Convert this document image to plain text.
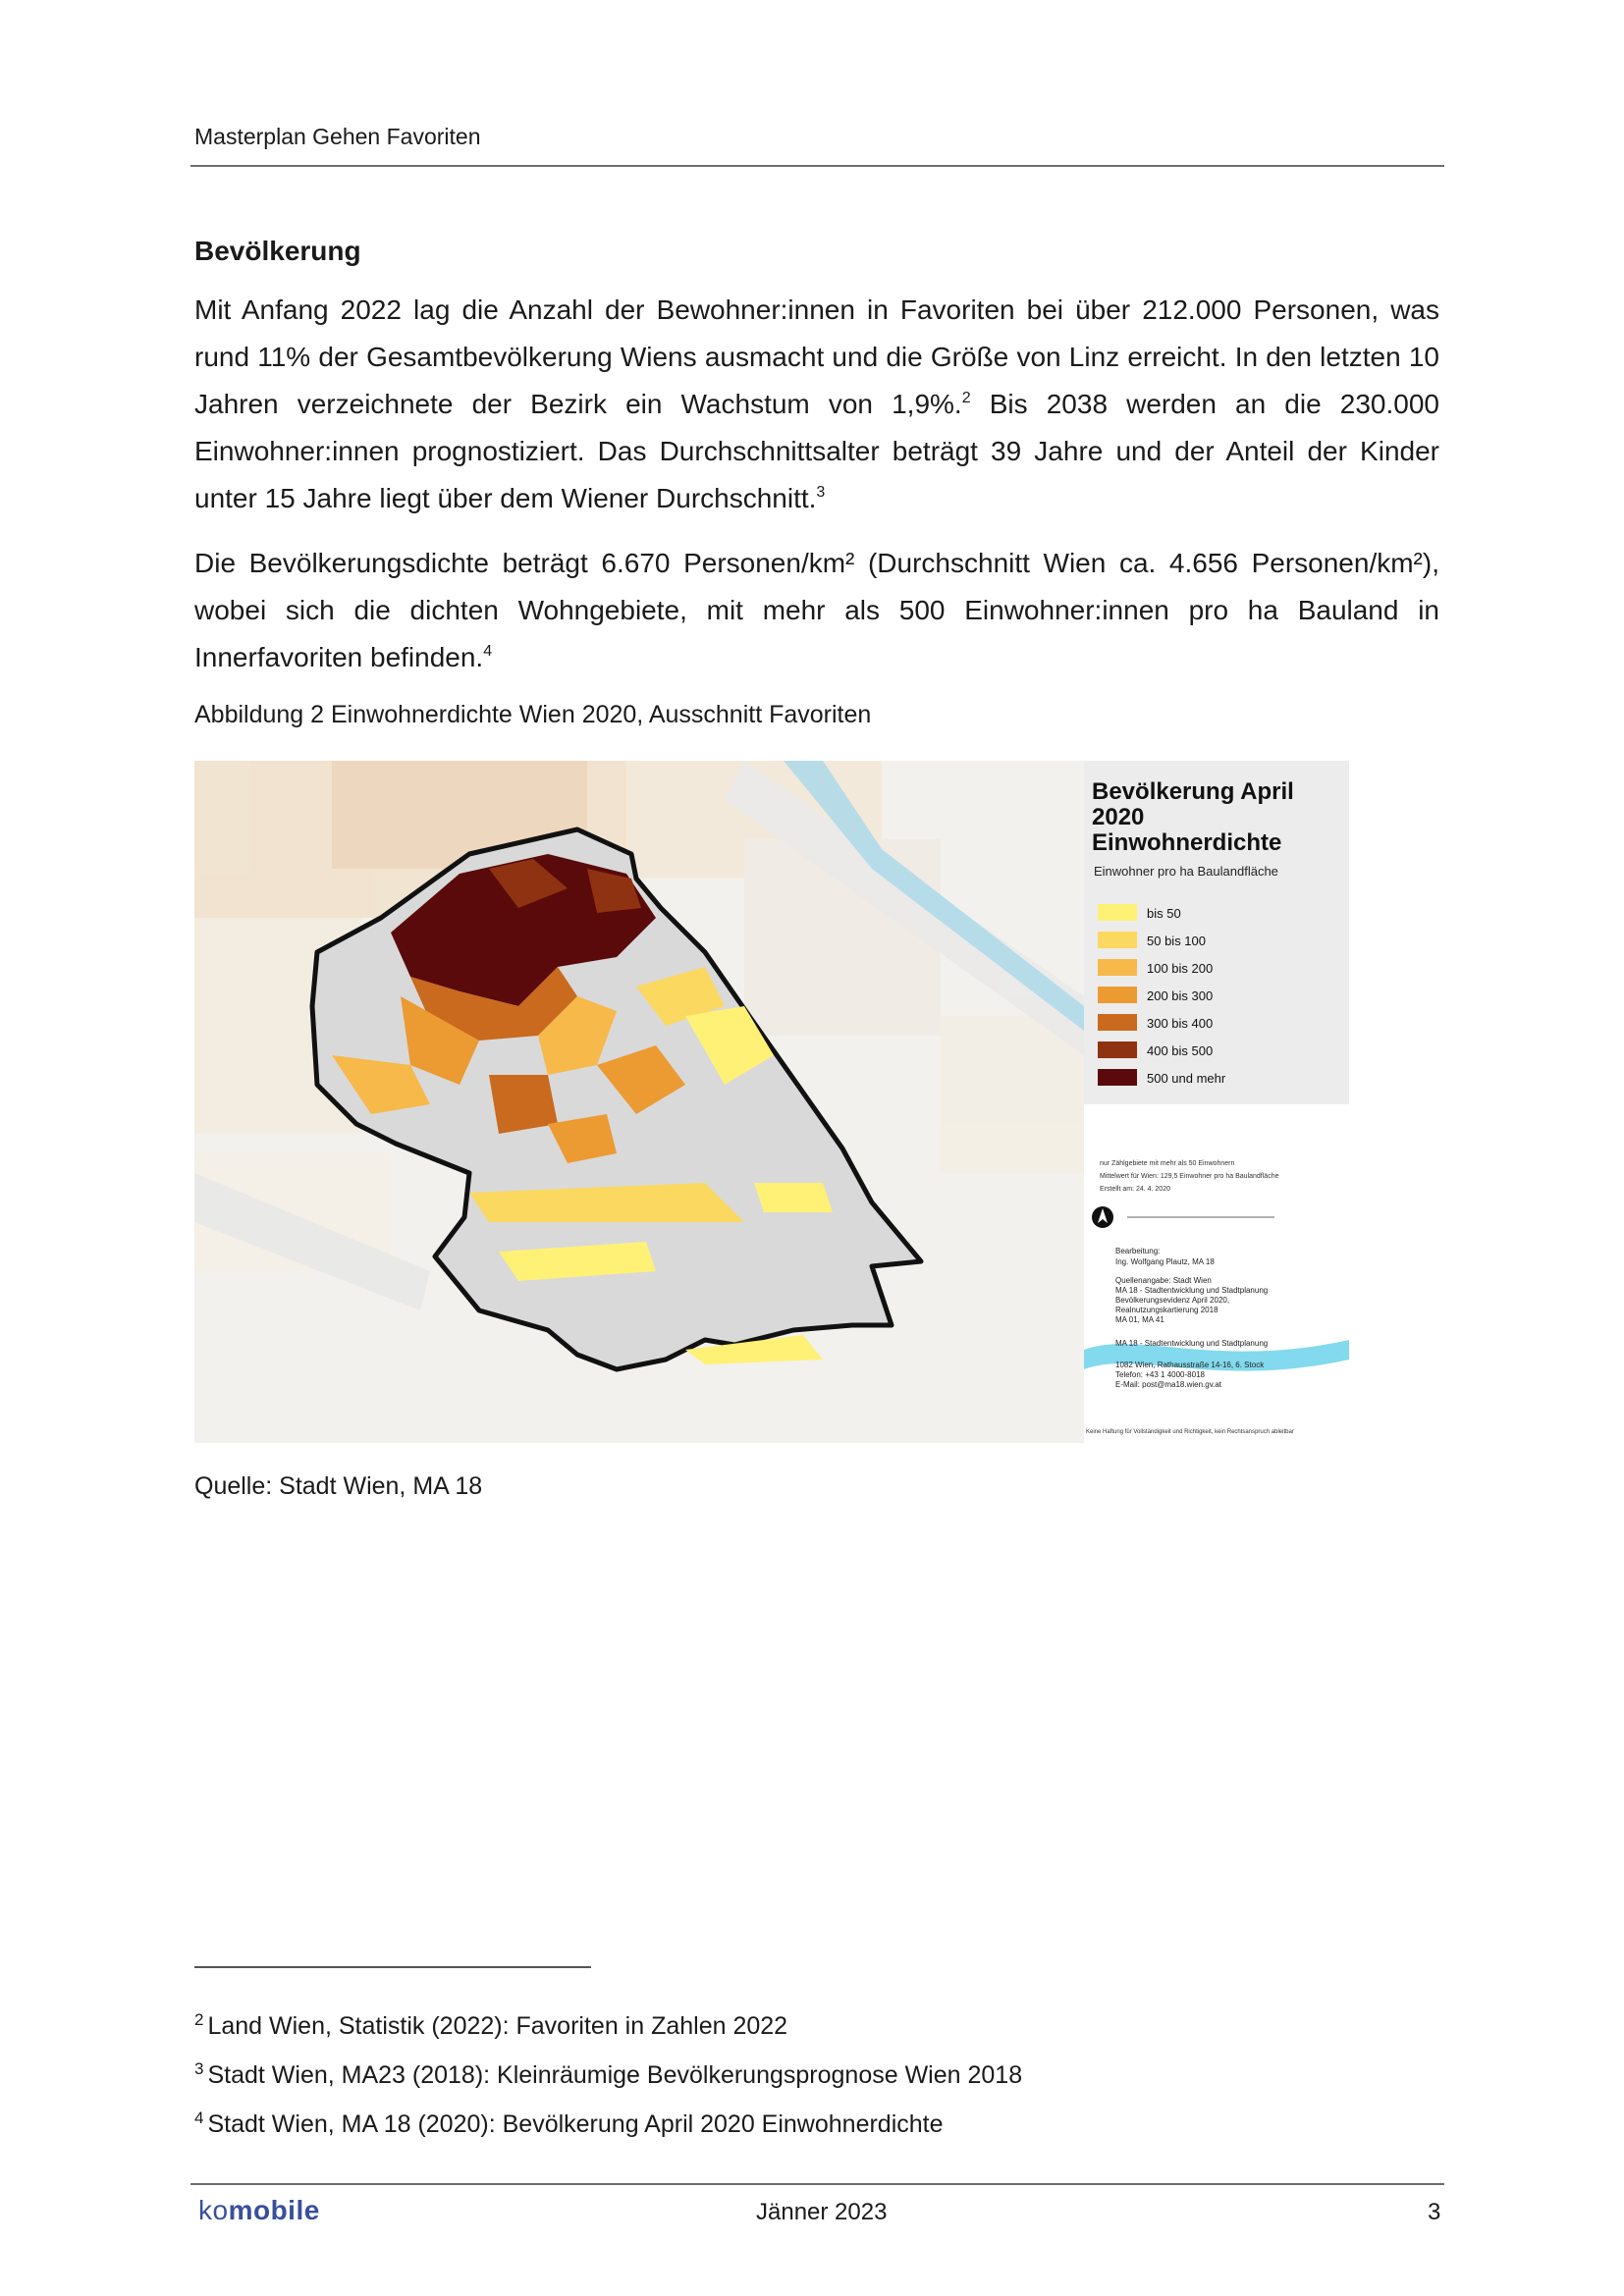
Masterplan Gehen Favoriten
Bevölkerung
Mit Anfang 2022 lag die Anzahl der Bewohner:innen in Favoriten bei über 212.000 Personen, was rund 11% der Gesamtbevölkerung Wiens ausmacht und die Größe von Linz erreicht. In den letzten 10 Jahren verzeichnete der Bezirk ein Wachstum von 1,9%.$^2$ Bis 2038 werden an die 230.000 Einwohner:innen prognostiziert. Das Durchschnittsalter beträgt 39 Jahre und der Anteil der Kinder unter 15 Jahre liegt über dem Wiener Durchschnitt.$^3$
Die Bevölkerungsdichte beträgt 6.670 Personen/km² (Durchschnitt Wien ca. 4.656 Personen/km²), wobei sich die dichten Wohngebiete, mit mehr als 500 Einwohner:innen pro ha Bauland in Innerfavoriten befinden.$^4$
Abbildung 2 Einwohnerdichte Wien 2020, Ausschnitt Favoriten
Bevölkerung April
2020
Einwohnerdichte
Einwohner pro ha Baulandfläche
bis 50
50 bis 100
100 bis 200
200 bis 300
300 bis 400
400 bis 500
500 und mehr
nur Zählgebiete mit mehr als 50 Einwohnern
Mittelwert für Wien: 129,5 Einwohner pro ha Baulandfläche
Erstellt am: 24. 4. 2020
Bearbeitung:
Ing. Wolfgang Plautz, MA 18
Quellenangabe: Stadt Wien
MA 18 - Stadtentwicklung und Stadtplanung
Bevölkerungsevidenz April 2020,
Realnutzungskartierung 2018
MA 01, MA 41
MA 18 - Stadtentwicklung und Stadtplanung
1082 Wien, Rathausstraße 14-16, 6. Stock
Telefon: +43 1 4000-8018
E-Mail: post@ma18.wien.gv.at
Keine Haftung für Vollständigkeit und Richtigkeit, kein Rechtsanspruch ableitbar
Quelle: Stadt Wien, MA 18
$^2$ Land Wien, Statistik (2022): Favoriten in Zahlen 2022
$^3$ Stadt Wien, MA23 (2018): Kleinräumige Bevölkerungsprognose Wien 2018
$^4$ Stadt Wien, MA 18 (2020): Bevölkerung April 2020 Einwohnerdichte
komobile	Jänner 2023	3
